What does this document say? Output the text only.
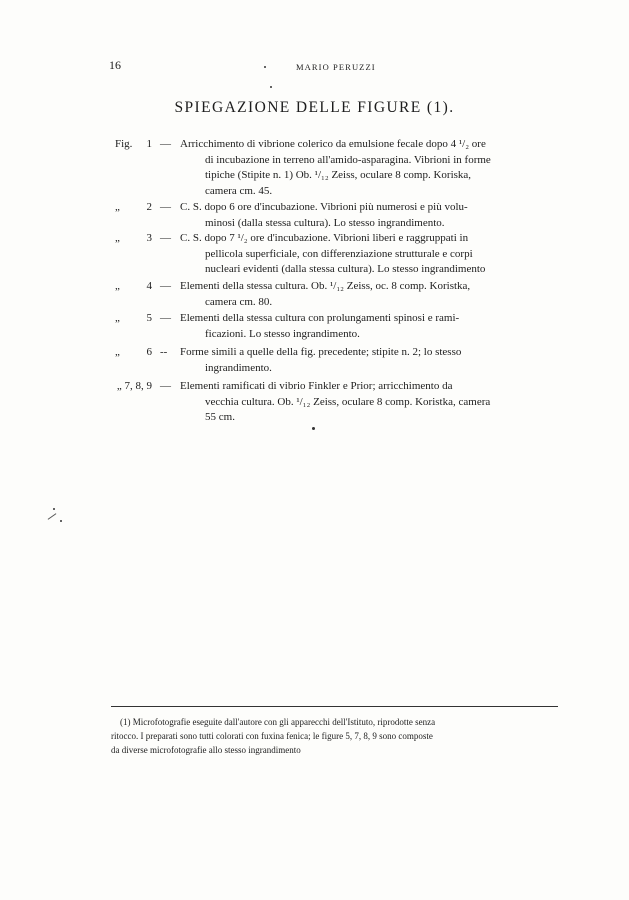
16	MARIO PERUZZI
SPIEGAZIONE DELLE FIGURE (1).
Fig.	1 — Arricchimento di vibrione colerico da emulsione fecale dopo 4 ¹/₂ ore
di incubazione in terreno all'amido-asparagina. Vibrioni in forme
tipiche (Stipite n. 1) Ob. ¹/₁₂ Zeiss, oculare 8 comp. Koriska,
camera cm. 45.
„	2 — C. S. dopo 6 ore d'incubazione. Vibrioni più numerosi e più volu-
minosi (dalla stessa cultura). Lo stesso ingrandimento.
„	3 — C. S. dopo 7 ¹/₂ ore d'incubazione. Vibrioni liberi e raggruppati in
pellicola superficiale, con differenziazione strutturale e corpi
nucleari evidenti (dalla stessa cultura). Lo stesso ingrandimento
„	4 — Elementi della stessa cultura. Ob. ¹/₁₂ Zeiss, oc. 8 comp. Koristka,
camera cm. 80.
„	5 — Elementi della stessa cultura con prolungamenti spinosi e rami-
ficazioni. Lo stesso ingrandimento.
„	6 -- Forme simili a quelle della fig. precedente; stipite n. 2; lo stesso
ingrandimento.
„ 7, 8, 9 — Elementi ramificati di vibrio Finkler e Prior; arricchimento da
vecchia cultura. Ob. ¹/₁₂ Zeiss, oculare 8 comp. Koristka, camera
55 cm.
(1) Microfotografie eseguite dall'autore con gli apparecchi dell'Istituto, riprodotte senza
ritocco. I preparati sono tutti colorati con fuxina fenica; le figure 5, 7, 8, 9 sono composte
da diverse microfotografie allo stesso ingrandimento
